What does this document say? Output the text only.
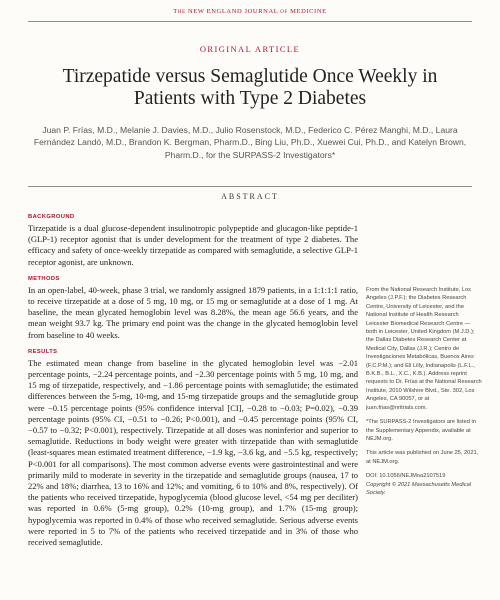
The NEW ENGLAND JOURNAL of MEDICINE
ORIGINAL ARTICLE
Tirzepatide versus Semaglutide Once Weekly in Patients with Type 2 Diabetes
Juan P. Frías, M.D., Melanie J. Davies, M.D., Julio Rosenstock, M.D., Federico C. Pérez Manghi, M.D., Laura Fernández Landó, M.D., Brandon K. Bergman, Pharm.D., Bing Liu, Ph.D., Xuewei Cui, Ph.D., and Katelyn Brown, Pharm.D., for the SURPASS-2 Investigators*
ABSTRACT
BACKGROUND

Tirzepatide is a dual glucose-dependent insulinotropic polypeptide and glucagon-like peptide-1 (GLP-1) receptor agonist that is under development for the treatment of type 2 diabetes. The efficacy and safety of once-weekly tirzepatide as compared with semaglutide, a selective GLP-1 receptor agonist, are unknown.

METHODS

In an open-label, 40-week, phase 3 trial, we randomly assigned 1879 patients, in a 1:1:1:1 ratio, to receive tirzepatide at a dose of 5 mg, 10 mg, or 15 mg or semaglutide at a dose of 1 mg. At baseline, the mean glycated hemoglobin level was 8.28%, the mean age 56.6 years, and the mean weight 93.7 kg. The primary end point was the change in the glycated hemoglobin level from baseline to 40 weeks.

RESULTS

The estimated mean change from baseline in the glycated hemoglobin level was −2.01 percentage points, −2.24 percentage points, and −2.30 percentage points with 5 mg, 10 mg, and 15 mg of tirzepatide, respectively, and −1.86 percentage points with semaglutide; the estimated differences between the 5-mg, 10-mg, and 15-mg tirzepatide groups and the semaglutide group were −0.15 percentage points (95% confidence interval [CI], −0.28 to −0.03; P=0.02), −0.39 percentage points (95% CI, −0.51 to −0.26; P<0.001), and −0.45 percentage points (95% CI, −0.57 to −0.32; P<0.001), respectively. Tirzepatide at all doses was noninferior and superior to semaglutide. Reductions in body weight were greater with tirzepatide than with semaglutide (least-squares mean estimated treatment difference, −1.9 kg, −3.6 kg, and −5.5 kg, respectively; P<0.001 for all comparisons). The most common adverse events were gastrointestinal and were primarily mild to moderate in severity in the tirzepatide and semaglutide groups (nausea, 17 to 22% and 18%; diarrhea, 13 to 16% and 12%; and vomiting, 6 to 10% and 8%, respectively). Of the patients who received tirzepatide, hypoglycemia (blood glucose level, <54 mg per deciliter) was reported in 0.6% (5-mg group), 0.2% (10-mg group), and 1.7% (15-mg group); hypoglycemia was reported in 0.4% of those who received semaglutide. Serious adverse events were reported in 5 to 7% of the patients who received tirzepatide and in 3% of those who received semaglutide.

From the National Research Institute, Los Angeles (J.P.F.); the Diabetes Research Centre, University of Leicester, and the National Institute of Health Research Leicester Biomedical Research Centre — both in Leicester, United Kingdom (M.J.D.); the Dallas Diabetes Research Center at Medical City, Dallas (J.R.); Centro de Investigaciones Metabólicas, Buenos Aires (F.C.P.M.); and Eli Lilly, Indianapolis (L.F.L., B.K.B., B.L., X.C., K.B.). Address reprint requests to Dr. Frías at the National Research Institute, 2010 Wilshire Blvd., Ste. 302, Los Angeles, CA 90057, or at juan.frias@nritrials.com.

*The SURPASS-2 Investigators are listed in the Supplementary Appendix, available at NEJM.org.

This article was published on June 25, 2021, at NEJM.org.

DOI: 10.1056/NEJMoa2107519

Copyright © 2021 Massachusetts Medical Society.
